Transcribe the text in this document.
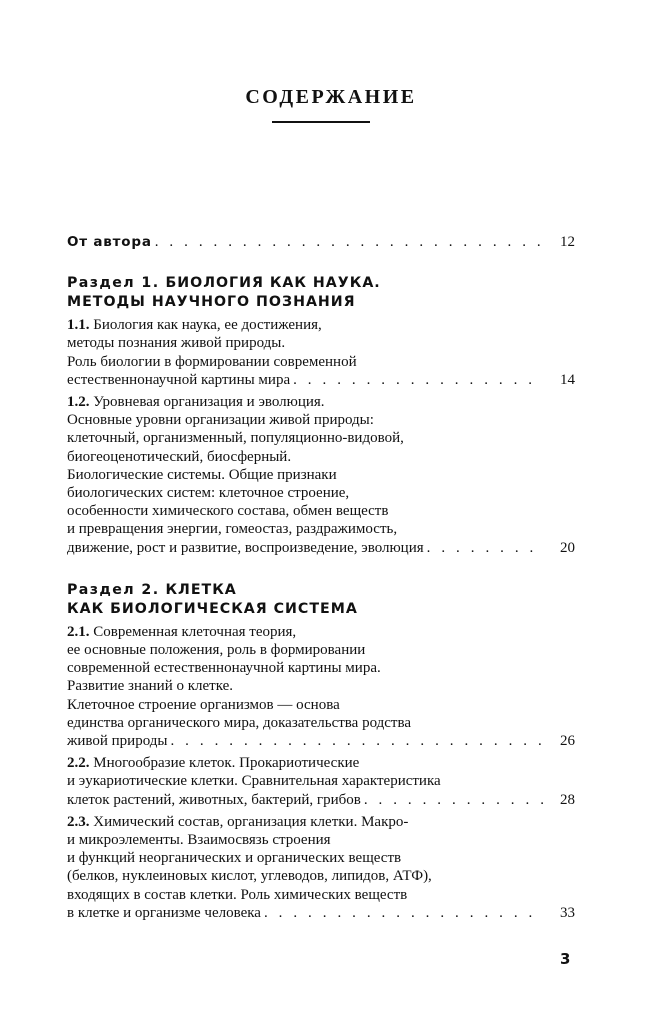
СОДЕРЖАНИЕ
От автора . . .	12
Раздел 1. БИОЛОГИЯ КАК НАУКА.
МЕТОДЫ НАУЧНОГО ПОЗНАНИЯ
1.1. Биология как наука, ее достижения,
методы познания живой природы.
Роль биологии в формировании современной
естественнонаучной картины мира . . .	14
1.2. Уровневая организация и эволюция.
Основные уровни организации живой природы:
клеточный, организменный, популяционно-видовой,
биогеоценотический, биосферный.
Биологические системы. Общие признаки
биологических систем: клеточное строение,
особенности химического состава, обмен веществ
и превращения энергии, гомеостаз, раздражимость,
движение, рост и развитие, воспроизведение, эволюция . . .	20
Раздел 2. КЛЕТКА
КАК БИОЛОГИЧЕСКАЯ СИСТЕМА
2.1. Современная клеточная теория,
ее основные положения, роль в формировании
современной естественнонаучной картины мира.
Развитие знаний о клетке.
Клеточное строение организмов — основа
единства органического мира, доказательства родства
живой природы . . .	26
2.2. Многообразие клеток. Прокариотические
и эукариотические клетки. Сравнительная характеристика
клеток растений, животных, бактерий, грибов . . .	28
2.3. Химический состав, организация клетки. Макро-
и микроэлементы. Взаимосвязь строения
и функций неорганических и органических веществ
(белков, нуклеиновых кислот, углеводов, липидов, АТФ),
входящих в состав клетки. Роль химических веществ
в клетке и организме человека . . .	33
3
